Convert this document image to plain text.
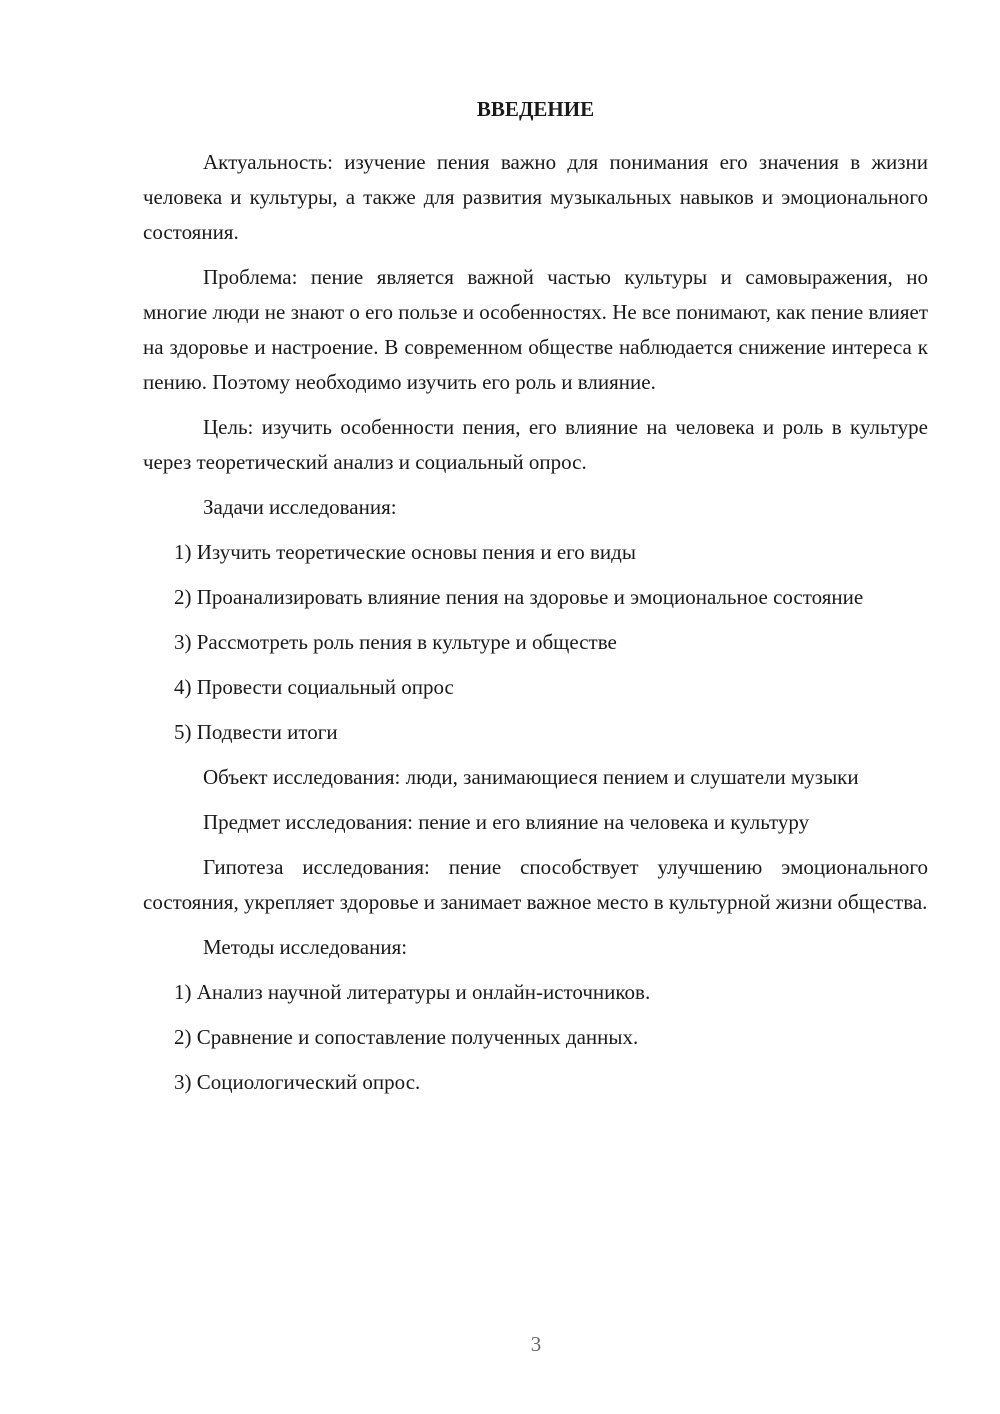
ВВЕДЕНИЕ

Актуальность: изучение пения важно для понимания его значения в жизни человека и культуры, а также для развития музыкальных навыков и эмоционального состояния.

Проблема: пение является важной частью культуры и самовыражения, но многие люди не знают о его пользе и особенностях. Не все понимают, как пение влияет на здоровье и настроение. В современном обществе наблюдается снижение интереса к пению. Поэтому необходимо изучить его роль и влияние.

Цель: изучить особенности пения, его влияние на человека и роль в культуре через теоретический анализ и социальный опрос.

Задачи исследования:

1) Изучить теоретические основы пения и его виды

2) Проанализировать влияние пения на здоровье и эмоциональное состояние

3) Рассмотреть роль пения в культуре и обществе

4) Провести социальный опрос

5) Подвести итоги

Объект исследования: люди, занимающиеся пением и слушатели музыки

Предмет исследования: пение и его влияние на человека и культуру

Гипотеза исследования: пение способствует улучшению эмоционального состояния, укрепляет здоровье и занимает важное место в культурной жизни общества.

Методы исследования:

1) Анализ научной литературы и онлайн-источников.

2) Сравнение и сопоставление полученных данных.

3) Социологический опрос.

3
